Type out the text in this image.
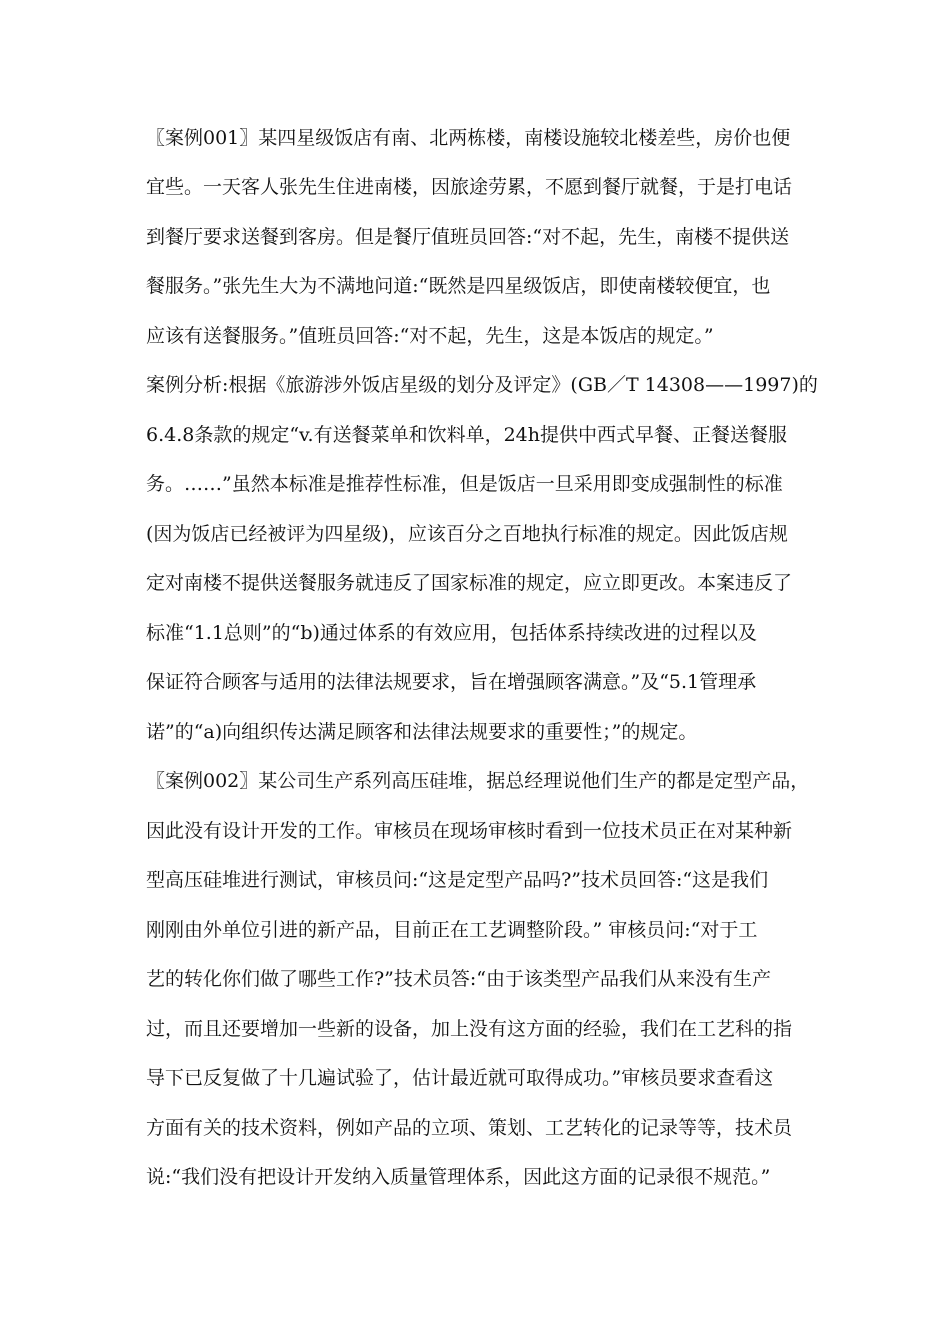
〖案例001〗某四星级饭店有南、北两栋楼，南楼设施较北楼差些，房价也便
宜些。一天客人张先生住进南楼，因旅途劳累，不愿到餐厅就餐，于是打电话
到餐厅要求送餐到客房。但是餐厅值班员回答:“对不起，先生，南楼不提供送
餐服务。”张先生大为不满地问道:“既然是四星级饭店，即使南楼较便宜，也
应该有送餐服务。”值班员回答:“对不起，先生，这是本饭店的规定。”
案例分析:根据《旅游涉外饭店星级的划分及评定》(GB／T 14308——1997)的
6.4.8条款的规定“v.有送餐菜单和饮料单，24h提供中西式早餐、正餐送餐服
务。……”虽然本标准是推荐性标准，但是饭店一旦采用即变成强制性的标准
(因为饭店已经被评为四星级)，应该百分之百地执行标准的规定。因此饭店规
定对南楼不提供送餐服务就违反了国家标准的规定，应立即更改。本案违反了
标准“1.1总则”的“b)通过体系的有效应用，包括体系持续改进的过程以及
保证符合顾客与适用的法律法规要求，旨在增强顾客满意。”及“5.1管理承
诺”的“a)向组织传达满足顾客和法律法规要求的重要性；”的规定。
〖案例002〗某公司生产系列高压硅堆，据总经理说他们生产的都是定型产品，
因此没有设计开发的工作。审核员在现场审核时看到一位技术员正在对某种新
型高压硅堆进行测试，审核员问:“这是定型产品吗?”技术员回答:“这是我们
刚刚由外单位引进的新产品，目前正在工艺调整阶段。” 审核员问:“对于工
艺的转化你们做了哪些工作?”技术员答:“由于该类型产品我们从来没有生产
过，而且还要增加一些新的设备，加上没有这方面的经验，我们在工艺科的指
导下已反复做了十几遍试验了，估计最近就可取得成功。”审核员要求查看这
方面有关的技术资料，例如产品的立项、策划、工艺转化的记录等等，技术员
说:“我们没有把设计开发纳入质量管理体系，因此这方面的记录很不规范。”
